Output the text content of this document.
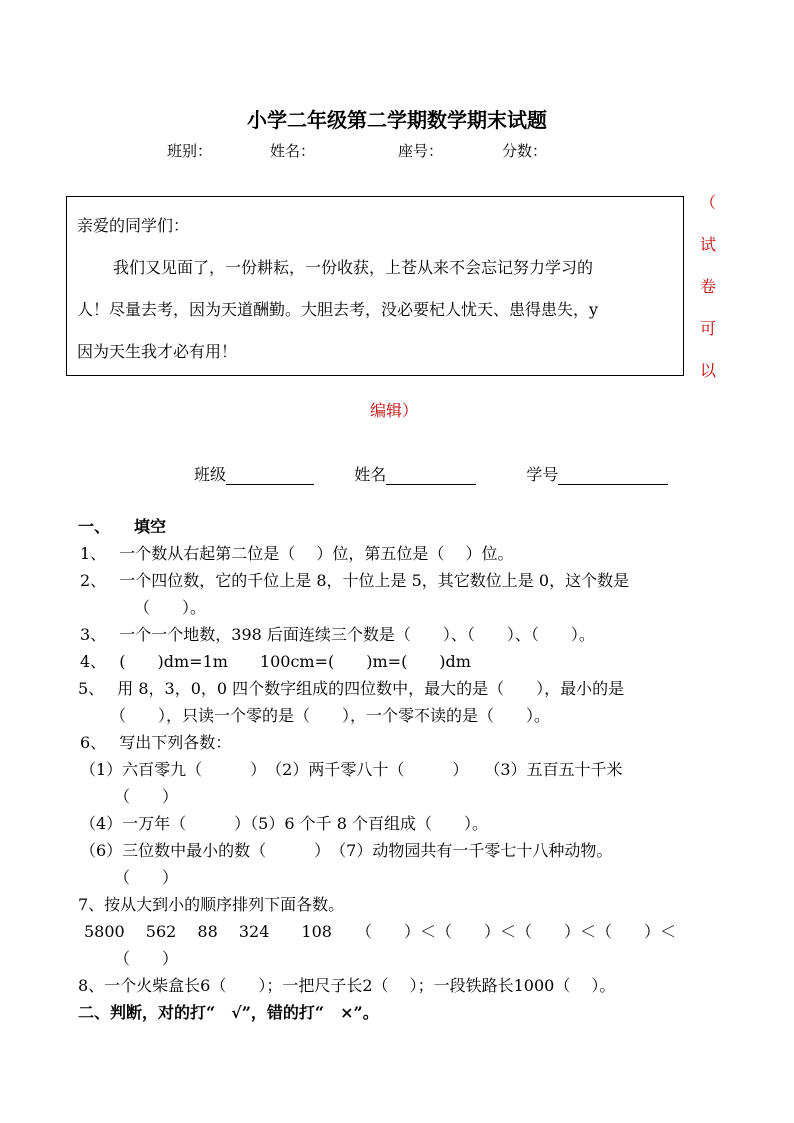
小学二年级第二学期数学期末试题
班别：	姓名：	座号：	分数：
亲爱的同学们：
我们又见面了，一份耕耘，一份收获，上苍从来不会忘记努力学习的
人！尽量去考，因为天道酬勤。大胆去考，没必要杞人忧天、患得患失，y
因为天生我才必有用！
（
试
卷
可
以
编辑）
班级	姓名	学号
一、 填空
1、　 一个数从右起第二位是（　 ）位，第五位是（　 ）位。
2、　 一个四位数，它的千位上是 8，十位上是 5，其它数位上是 0，这个数是
（　　）。
3、　 一个一个地数，398 后面连续三个数是（　　）、（　　）、（　　）。
4、　 (　　)dm=1m　　100cm=(　　)m=(　　)dm
5、　 用 8，3，0，0 四个数字组成的四位数中，最大的是（　　），最小的是
（　　），只读一个零的是（　　），一个零不读的是（　　）。
6、　 写出下列各数：
（1）六百零九（　　　）　（2）两千零八十（　　　）　　（3）五百五十千米
（　　）
（4）一万年（　　　）（5）6 个千 8 个百组成（　　）。
（6）三位数中最小的数（　　　）　（7）动物园共有一千零七十八种动物。
（　　）
7、按从大到小的顺序排列下面各数。
5800　 562　 88　 324　　108　　（　　）＜（　　）＜（　　）＜（　　）＜
（　　）
8、一个火柴盒长6（　　）；一把尺子长2（　 ）；一段铁路长1000（　 ）。
二、判断，对的打“　√”，错的打“　×”。
